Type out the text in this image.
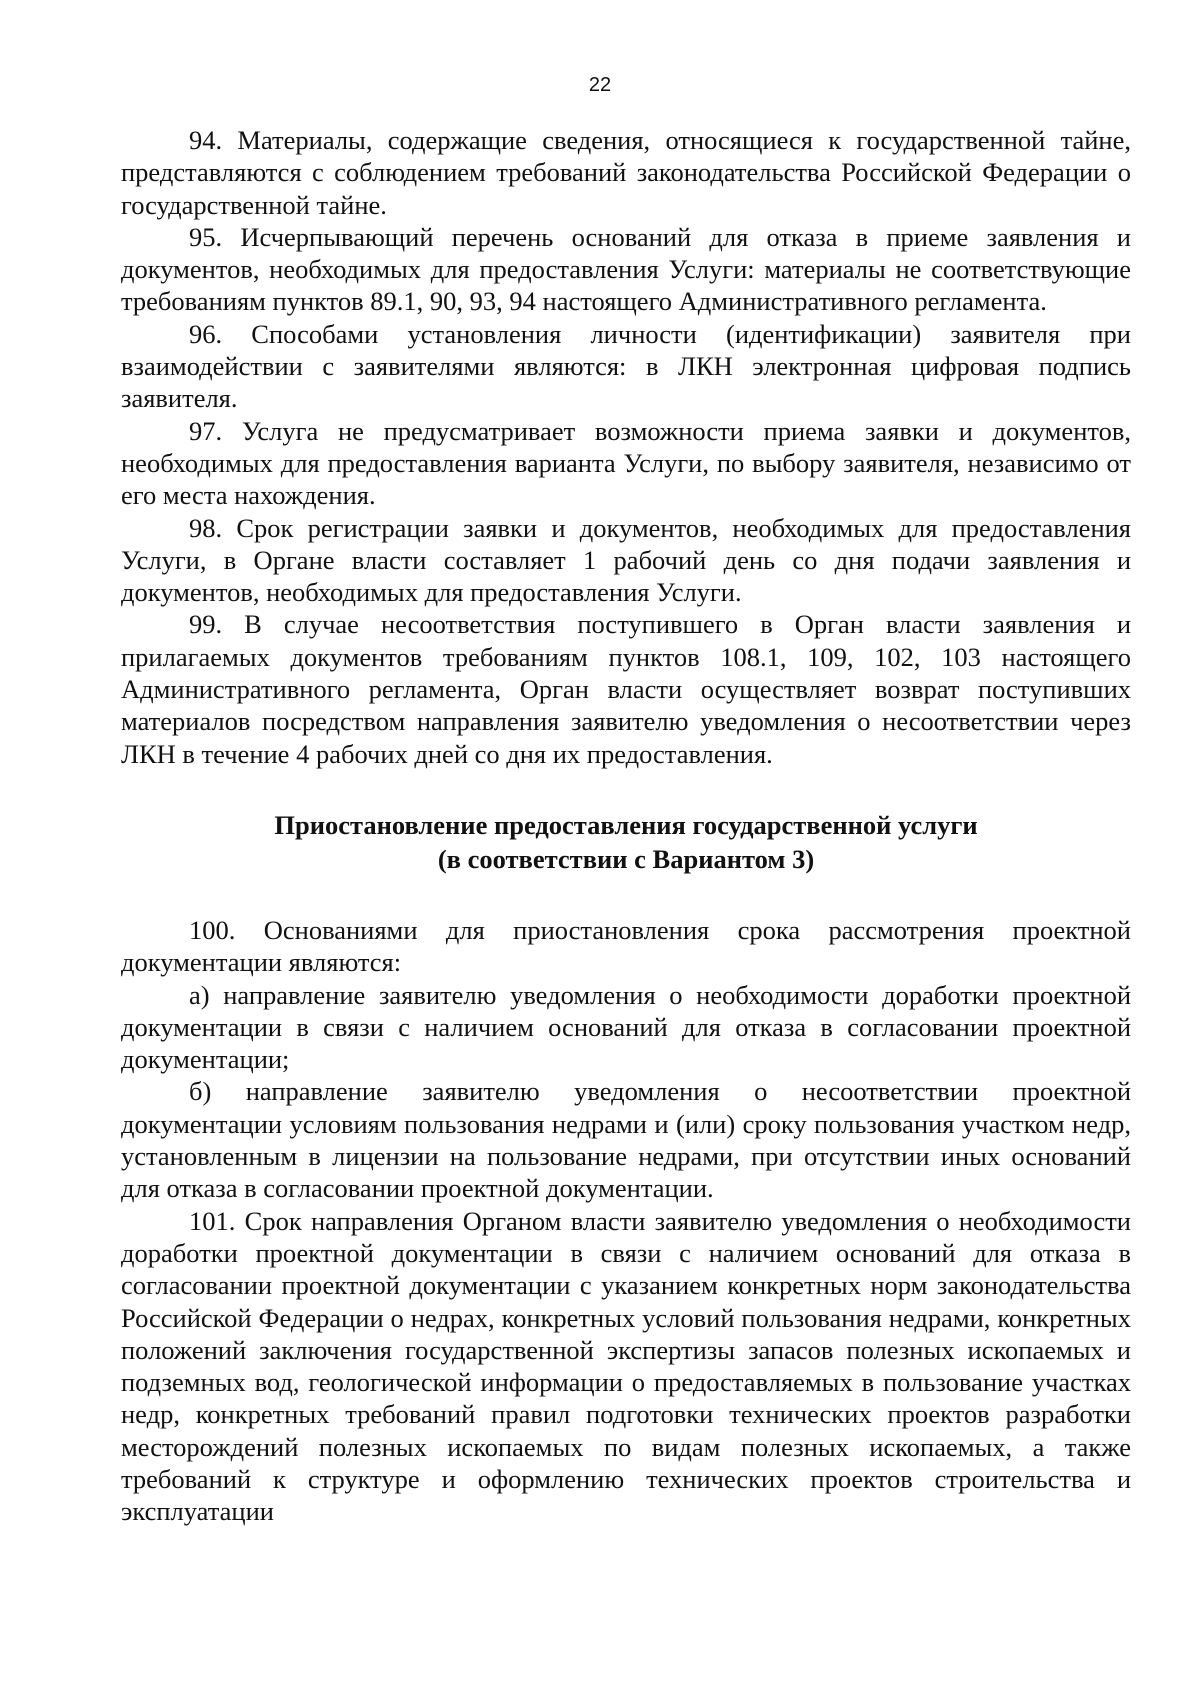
22

94. Материалы, содержащие сведения, относящиеся к государственной тайне, представляются с соблюдением требований законодательства Российской Федерации о государственной тайне.

95. Исчерпывающий перечень оснований для отказа в приеме заявления и документов, необходимых для предоставления Услуги: материалы не соответствующие требованиям пунктов 89.1, 90, 93, 94 настоящего Административного регламента.

96. Способами установления личности (идентификации) заявителя при взаимодействии с заявителями являются: в ЛКН электронная цифровая подпись заявителя.

97. Услуга не предусматривает возможности приема заявки и документов, необходимых для предоставления варианта Услуги, по выбору заявителя, независимо от его места нахождения.

98. Срок регистрации заявки и документов, необходимых для предоставления Услуги, в Органе власти составляет 1 рабочий день со дня подачи заявления и документов, необходимых для предоставления Услуги.

99. В случае несоответствия поступившего в Орган власти заявления и прилагаемых документов требованиям пунктов 108.1, 109, 102, 103 настоящего Административного регламента, Орган власти осуществляет возврат поступивших материалов посредством направления заявителю уведомления о несоответствии через ЛКН в течение 4 рабочих дней со дня их предоставления.

Приостановление предоставления государственной услуги
(в соответствии с Вариантом 3)

100. Основаниями для приостановления срока рассмотрения проектной документации являются:

а) направление заявителю уведомления о необходимости доработки проектной документации в связи с наличием оснований для отказа в согласовании проектной документации;

б) направление заявителю уведомления о несоответствии проектной документации условиям пользования недрами и (или) сроку пользования участком недр, установленным в лицензии на пользование недрами, при отсутствии иных оснований для отказа в согласовании проектной документации.

101. Срок направления Органом власти заявителю уведомления о необходимости доработки проектной документации в связи с наличием оснований для отказа в согласовании проектной документации с указанием конкретных норм законодательства Российской Федерации о недрах, конкретных условий пользования недрами, конкретных положений заключения государственной экспертизы запасов полезных ископаемых и подземных вод, геологической информации о предоставляемых в пользование участках недр, конкретных требований правил подготовки технических проектов разработки месторождений полезных ископаемых по видам полезных ископаемых, а также требований к структуре и оформлению технических проектов строительства и эксплуатации
